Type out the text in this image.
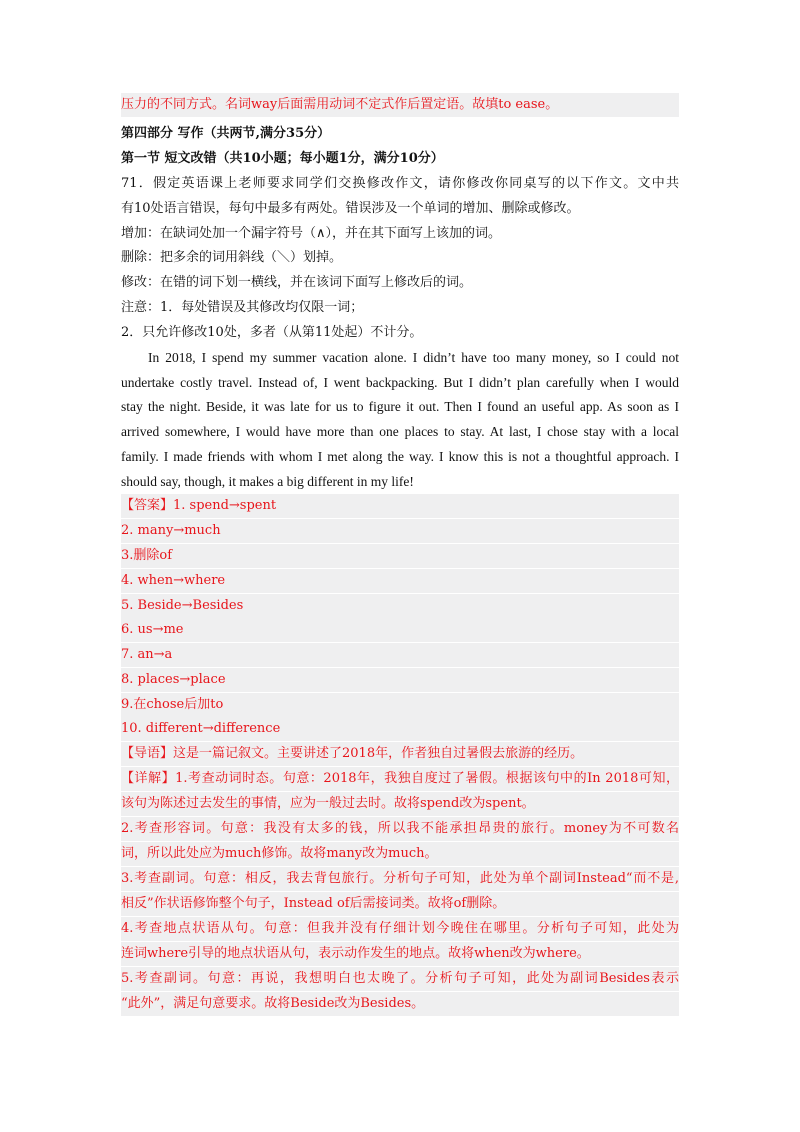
压力的不同方式。名词way后面需用动词不定式作后置定语。故填to ease。
第四部分 写作（共两节,满分35分）
第一节 短文改错（共10小题；每小题1分，满分10分）
71．假定英语课上老师要求同学们交换修改作文，请你修改你同桌写的以下作文。文中共
有10处语言错误，每句中最多有两处。错误涉及一个单词的增加、删除或修改。
增加：在缺词处加一个漏字符号（∧），并在其下面写上该加的词。
删除：把多余的词用斜线（＼）划掉。
修改：在错的词下划一横线，并在该词下面写上修改后的词。
注意：1．每处错误及其修改均仅限一词；
2．只允许修改10处，多者（从第11处起）不计分。
In 2018, I spend my summer vacation alone. I didn’t have too many money, so I could not
undertake costly travel. Instead of, I went backpacking. But I didn’t plan carefully when I would
stay the night. Beside, it was late for us to figure it out. Then I found an useful app. As soon as I
arrived somewhere, I would have more than one places to stay. At last, I chose stay with a local
family. I made friends with whom I met along the way. I know this is not a thoughtful approach. I
should say, though, it makes a big different in my life!
【答案】1. spend→spent
2. many→much
3.删除of
4. when→where
5. Beside→Besides
6. us→me
7. an→a
8. places→place
9.在chose后加to
10. different→difference
【导语】这是一篇记叙文。主要讲述了2018年，作者独自过暑假去旅游的经历。
【详解】1.考查动词时态。句意：2018年，我独自度过了暑假。根据该句中的In 2018可知，
该句为陈述过去发生的事情，应为一般过去时。故将spend改为spent。
2.考查形容词。句意：我没有太多的钱，所以我不能承担昂贵的旅行。money为不可数名
词，所以此处应为much修饰。故将many改为much。
3.考查副词。句意：相反，我去背包旅行。分析句子可知，此处为单个副词Instead“而不是,
相反”作状语修饰整个句子，Instead of后需接词类。故将of删除。
4.考查地点状语从句。句意：但我并没有仔细计划今晚住在哪里。分析句子可知，此处为
连词where引导的地点状语从句，表示动作发生的地点。故将when改为where。
5.考查副词。句意：再说，我想明白也太晚了。分析句子可知，此处为副词Besides表示
“此外”，满足句意要求。故将Beside改为Besides。
